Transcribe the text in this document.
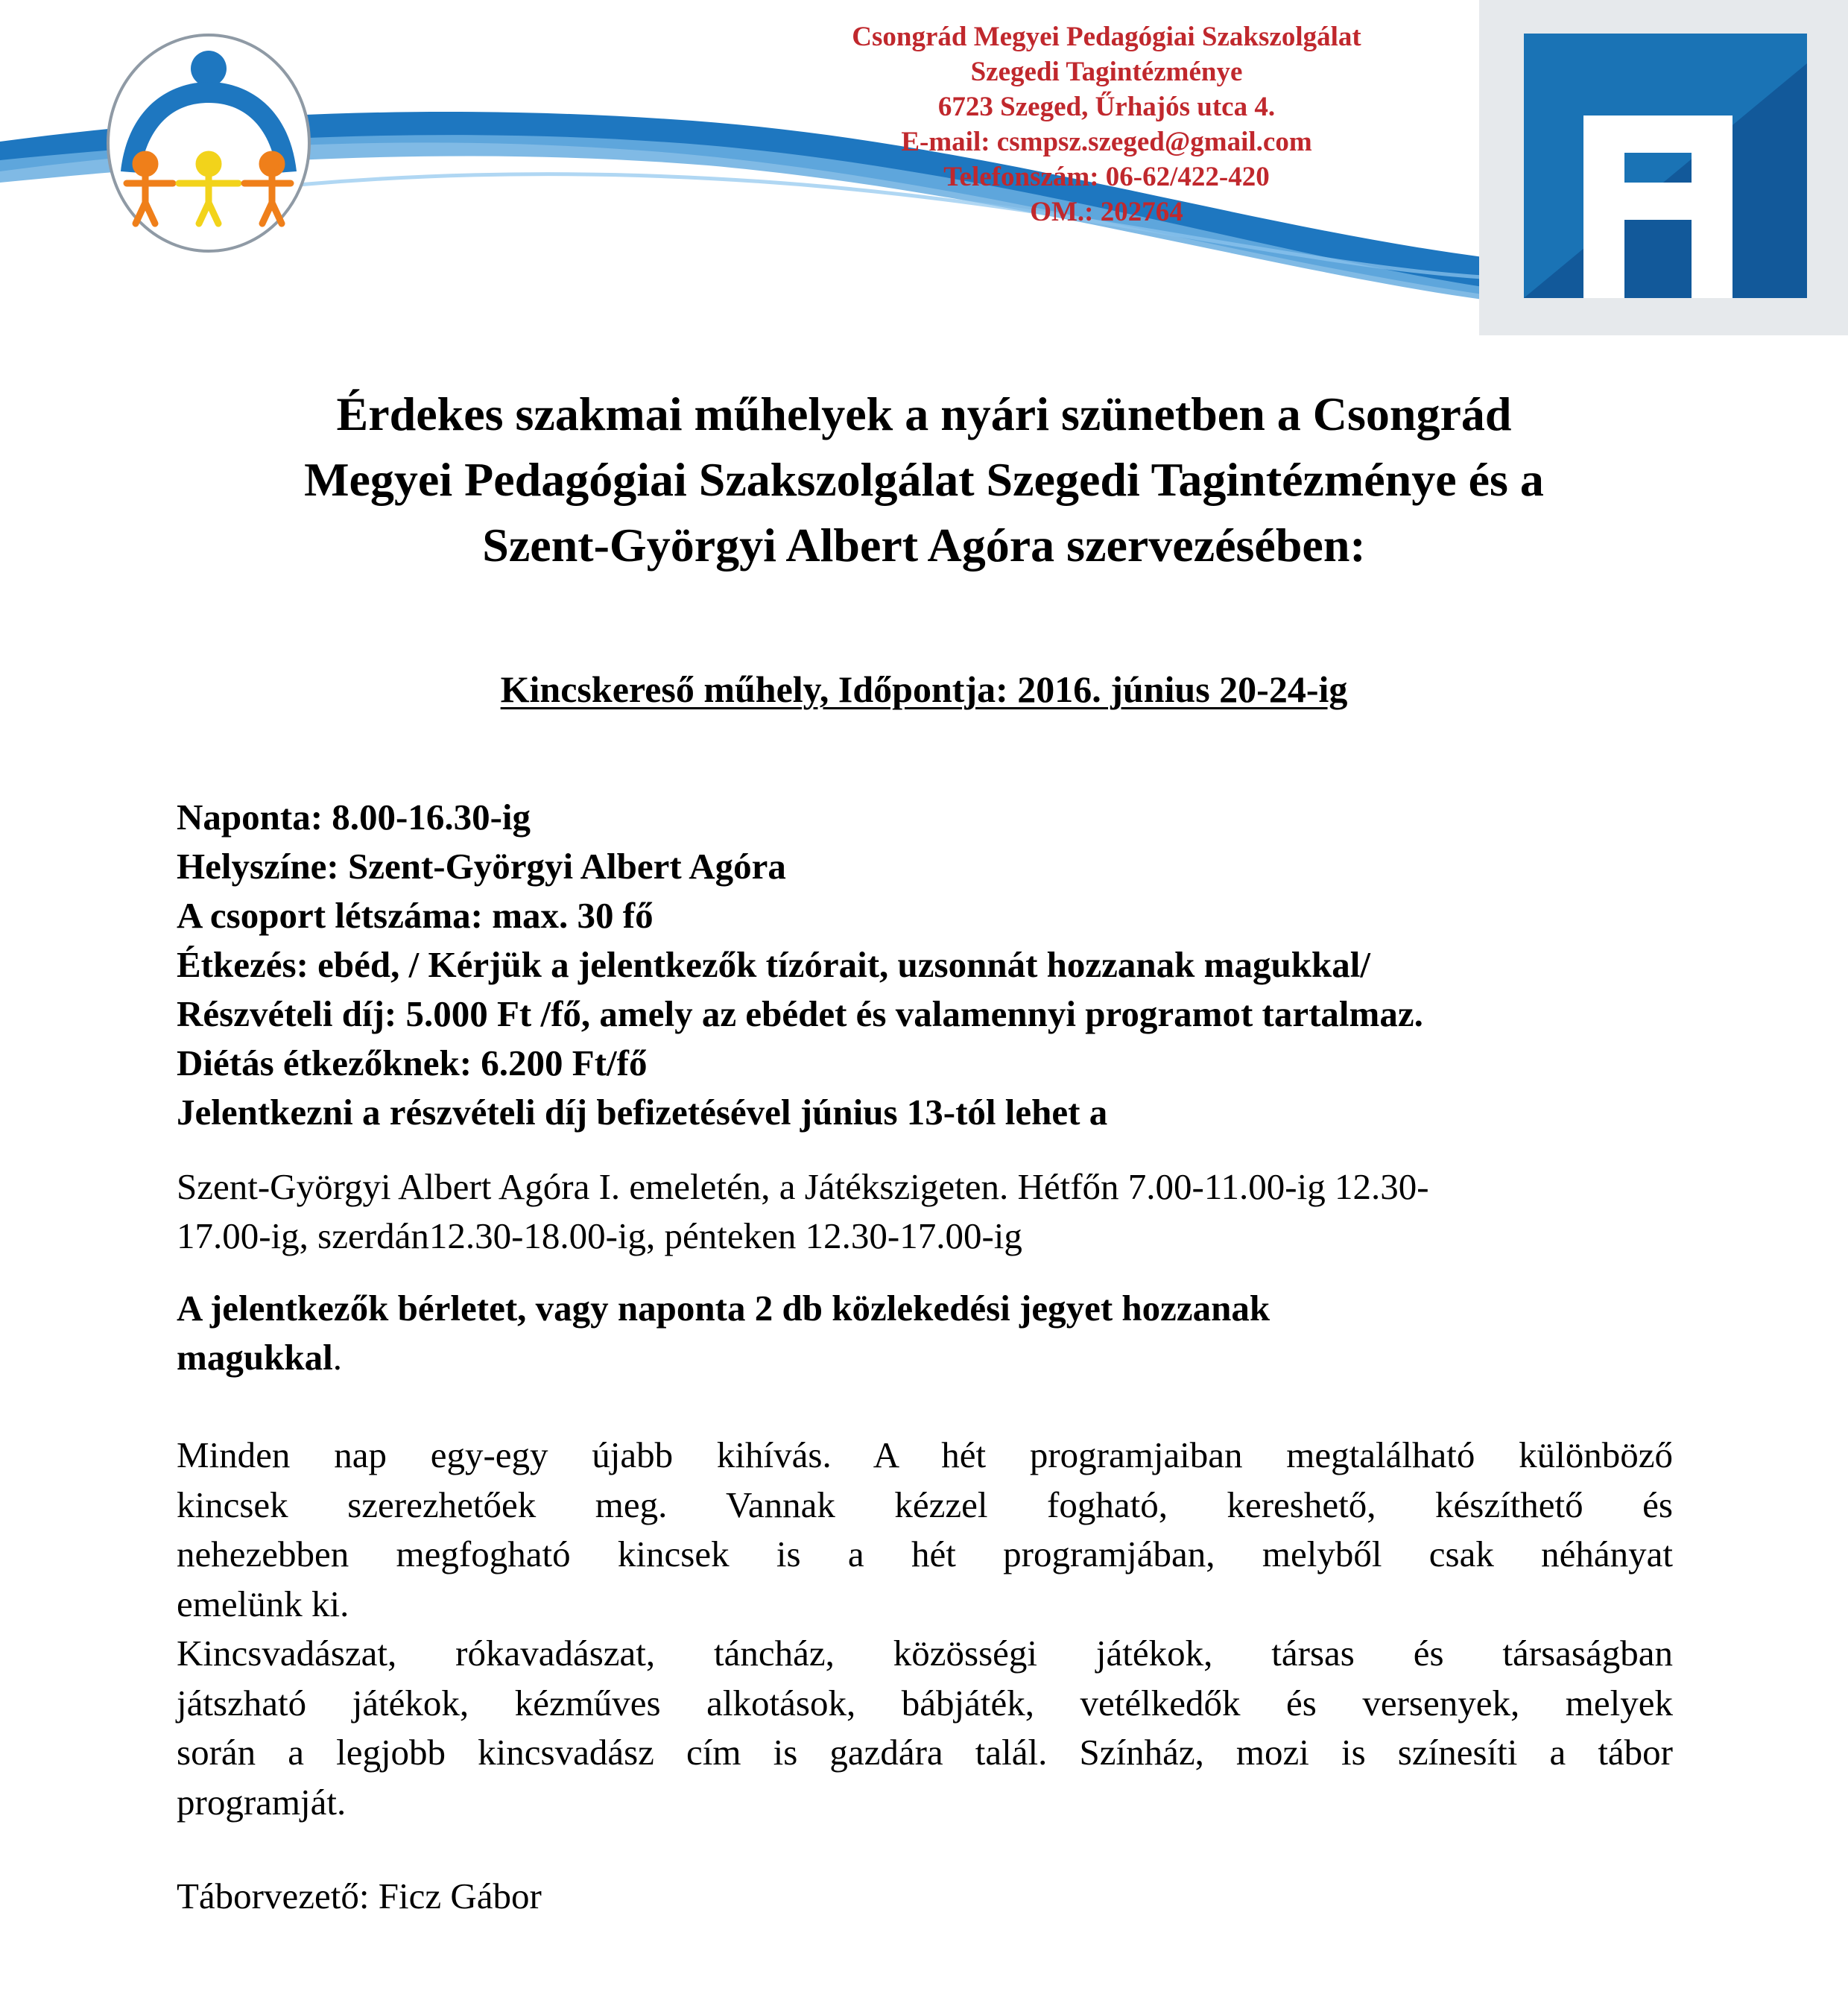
Csongrád Megyei Pedagógiai Szakszolgálat
Szegedi Tagintézménye
6723 Szeged, Űrhajós utca 4.
E-mail: csmpsz.szeged@gmail.com
Telefonszám: 06-62/422-420
OM.: 202764
Érdekes szakmai műhelyek a nyári szünetben a Csongrád
Megyei Pedagógiai Szakszolgálat Szegedi Tagintézménye és a
Szent-Györgyi Albert Agóra szervezésében:
Kincskereső műhely, Időpontja: 2016. június 20-24-ig
Naponta: 8.00-16.30-ig
Helyszíne: Szent-Györgyi Albert Agóra
A csoport létszáma: max. 30 fő
Étkezés: ebéd, / Kérjük a jelentkezők tízórait, uzsonnát hozzanak magukkal/
Részvételi díj: 5.000 Ft /fő, amely az ebédet és valamennyi programot tartalmaz.
Diétás étkezőknek: 6.200 Ft/fő
Jelentkezni a részvételi díj befizetésével június 13-tól lehet a
Szent-Györgyi Albert Agóra I. emeletén, a Játékszigeten. Hétfőn 7.00-11.00-ig 12.30-
17.00-ig, szerdán12.30-18.00-ig, pénteken 12.30-17.00-ig
A jelentkezők bérletet, vagy naponta 2 db közlekedési jegyet hozzanak
magukkal.
Minden nap egy-egy újabb kihívás. A hét programjaiban megtalálható különböző
kincsek szerezhetőek meg. Vannak kézzel fogható, kereshető, készíthető és
nehezebben megfogható kincsek is a hét programjában, melyből csak néhányat
emelünk ki.
Kincsvadászat, rókavadászat, táncház, közösségi játékok, társas és társaságban
játszható játékok, kézműves alkotások, bábjáték, vetélkedők és versenyek, melyek
során a legjobb kincsvadász cím is gazdára talál. Színház, mozi is színesíti a tábor
programját.
Táborvezető: Ficz Gábor
